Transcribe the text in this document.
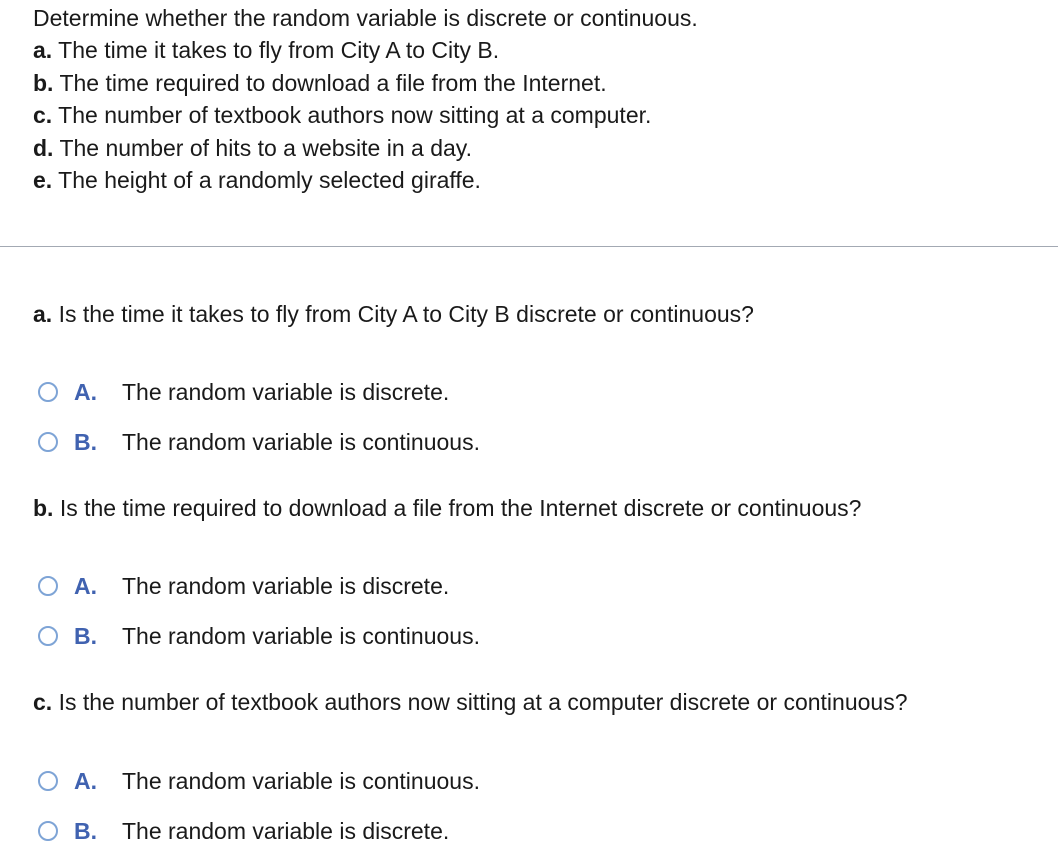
Determine whether the random variable is discrete or continuous.
a. The time it takes to fly from City A to City B.
b. The time required to download a file from the Internet.
c. The number of textbook authors now sitting at a computer.
d. The number of hits to a website in a day.
e. The height of a randomly selected giraffe.
a. Is the time it takes to fly from City A to City B discrete or continuous?
A.	The random variable is discrete.
B.	The random variable is continuous.
b. Is the time required to download a file from the Internet discrete or continuous?
A.	The random variable is discrete.
B.	The random variable is continuous.
c. Is the number of textbook authors now sitting at a computer discrete or continuous?
A.	The random variable is continuous.
B.	The random variable is discrete.
